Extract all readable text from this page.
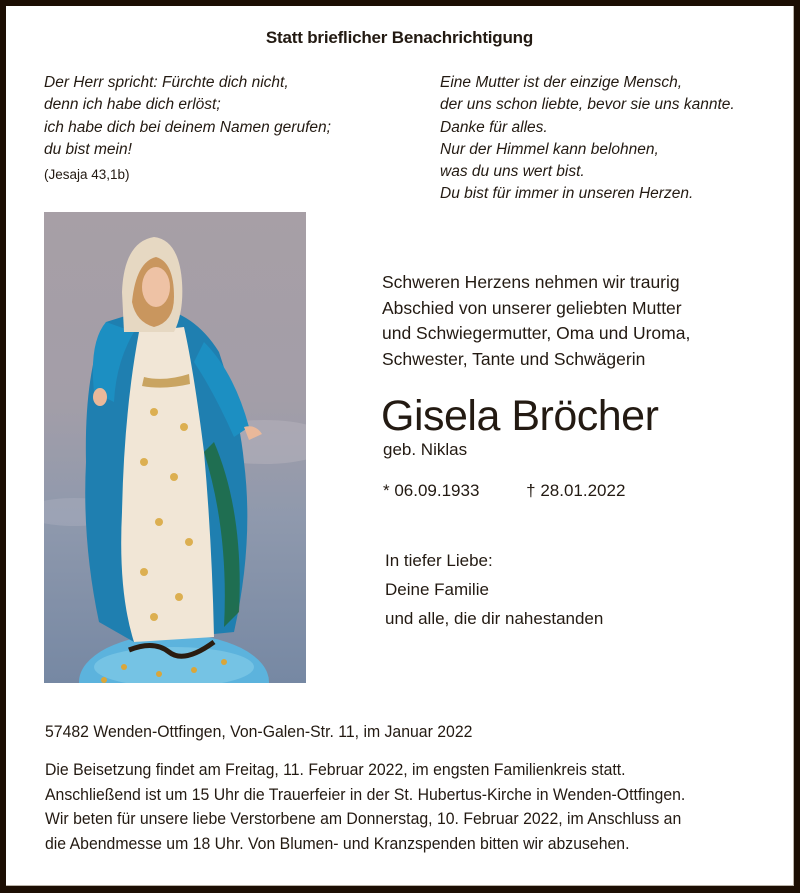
Statt brieflicher Benachrichtigung
Der Herr spricht: Fürchte dich nicht,
denn ich habe dich erlöst;
ich habe dich bei deinem Namen gerufen;
du bist mein!
(Jesaja 43,1b)
Eine Mutter ist der einzige Mensch,
der uns schon liebte, bevor sie uns kannte.
Danke für alles.
Nur der Himmel kann belohnen,
was du uns wert bist.
Du bist für immer in unseren Herzen.
Schweren Herzens nehmen wir traurig
Abschied von unserer geliebten Mutter
und Schwiegermutter, Oma und Uroma,
Schwester, Tante und Schwägerin
Gisela Bröcher
geb. Niklas
* 06.09.1933	† 28.01.2022
In tiefer Liebe:
Deine Familie
und alle, die dir nahestanden
57482 Wenden-Ottfingen, Von-Galen-Str. 11, im Januar 2022
Die Beisetzung findet am Freitag, 11. Februar 2022, im engsten Familienkreis statt.
Anschließend ist um 15 Uhr die Trauerfeier in der St. Hubertus-Kirche in Wenden-Ottfingen.
Wir beten für unsere liebe Verstorbene am Donnerstag, 10. Februar 2022, im Anschluss an
die Abendmesse um 18 Uhr. Von Blumen- und Kranzspenden bitten wir abzusehen.
